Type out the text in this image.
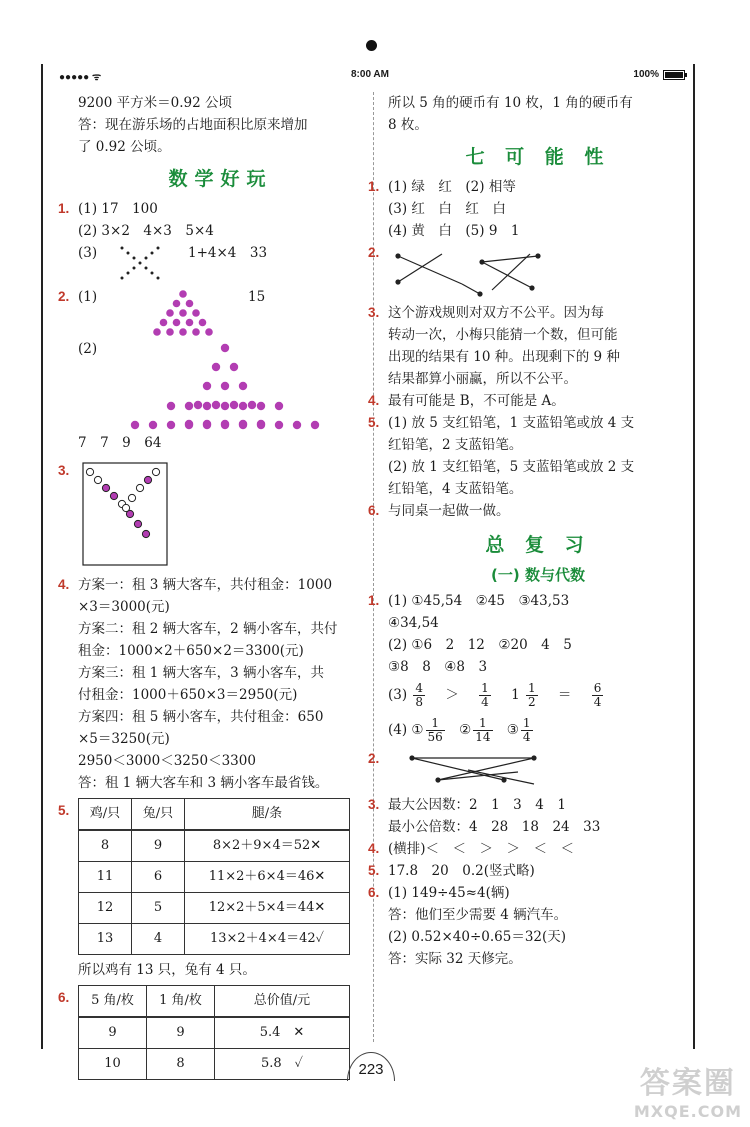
●●●●● ᯤ	8:00 AM	100%
9200 平方米＝0.92 公顷
答：现在游乐场的占地面积比原来增加
了 0.92 公顷。
数学好玩
1. (1) 17　100
(2) 3×2　4×3　5×4
(3)	1+4×4　33
2. (1)	15
(2)
7　7　9　64
3.
4. 方案一：租 3 辆大客车，共付租金：1000
×3＝3000(元)
方案二：租 2 辆大客车，2 辆小客车，共付
租金：1000×2＋650×2＝3300(元)
方案三：租 1 辆大客车，3 辆小客车，共
付租金：1000＋650×3＝2950(元)
方案四：租 5 辆小客车，共付租金：650
×5＝3250(元)
2950＜3000＜3250＜3300
答：租 1 辆大客车和 3 辆小客车最省钱。
5.	鸡/只	兔/只	腿/条
8	9	8×2＋9×4＝52✕
11	6	11×2＋6×4＝46✕
12	5	12×2＋5×4＝44✕
13	4	13×2＋4×4＝42✓
所以鸡有 13 只，兔有 4 只。
6.	5 角/枚	1 角/枚	总价值/元
9	9	5.4　✕
10	8	5.8　✓
所以 5 角的硬币有 10 枚，1 角的硬币有
8 枚。
七 可 能 性
1. (1) 绿　红　(2) 相等
(3) 红　白　红　白
(4) 黄　白　(5) 9　1
2.
3. 这个游戏规则对双方不公平。因为每
转动一次，小梅只能猜一个数，但可能
出现的结果有 10 种。出现剩下的 9 种
结果都算小丽赢，所以不公平。
4. 最有可能是 B，不可能是 A。
5. (1) 放 5 支红铅笔，1 支蓝铅笔或放 4 支
红铅笔，2 支蓝铅笔。
(2) 放 1 支红铅笔，5 支蓝铅笔或放 2 支
红铅笔，4 支蓝铅笔。
6. 与同桌一起做一做。
总 复 习
(一) 数与代数
1. (1) ①45,54　②45　③43,53
④34,54
(2) ①6　2　12　②20　4　5
③8　8　④8　3
$(3) \frac{4}{8} > \frac{1}{4} 1 \frac{1}{2} = \frac{6}{4}$
(4) ① $\frac{1}{56}$ ② $\frac{1}{14}$ ③ $\frac{1}{4}$
2.
3. 最大公因数：2　1　3　4　1
最小公倍数：4　28　18　24　33
4. (横排)＜　＜　＞　＞　＜　＜
5. 17.8　20　0.2(竖式略)
6. (1) 149÷45≈4(辆)
答：他们至少需要 4 辆汽车。
(2) 0.52×40÷0.65＝32(天)
答：实际 32 天修完。
223	答案圈
MXQE.COM
